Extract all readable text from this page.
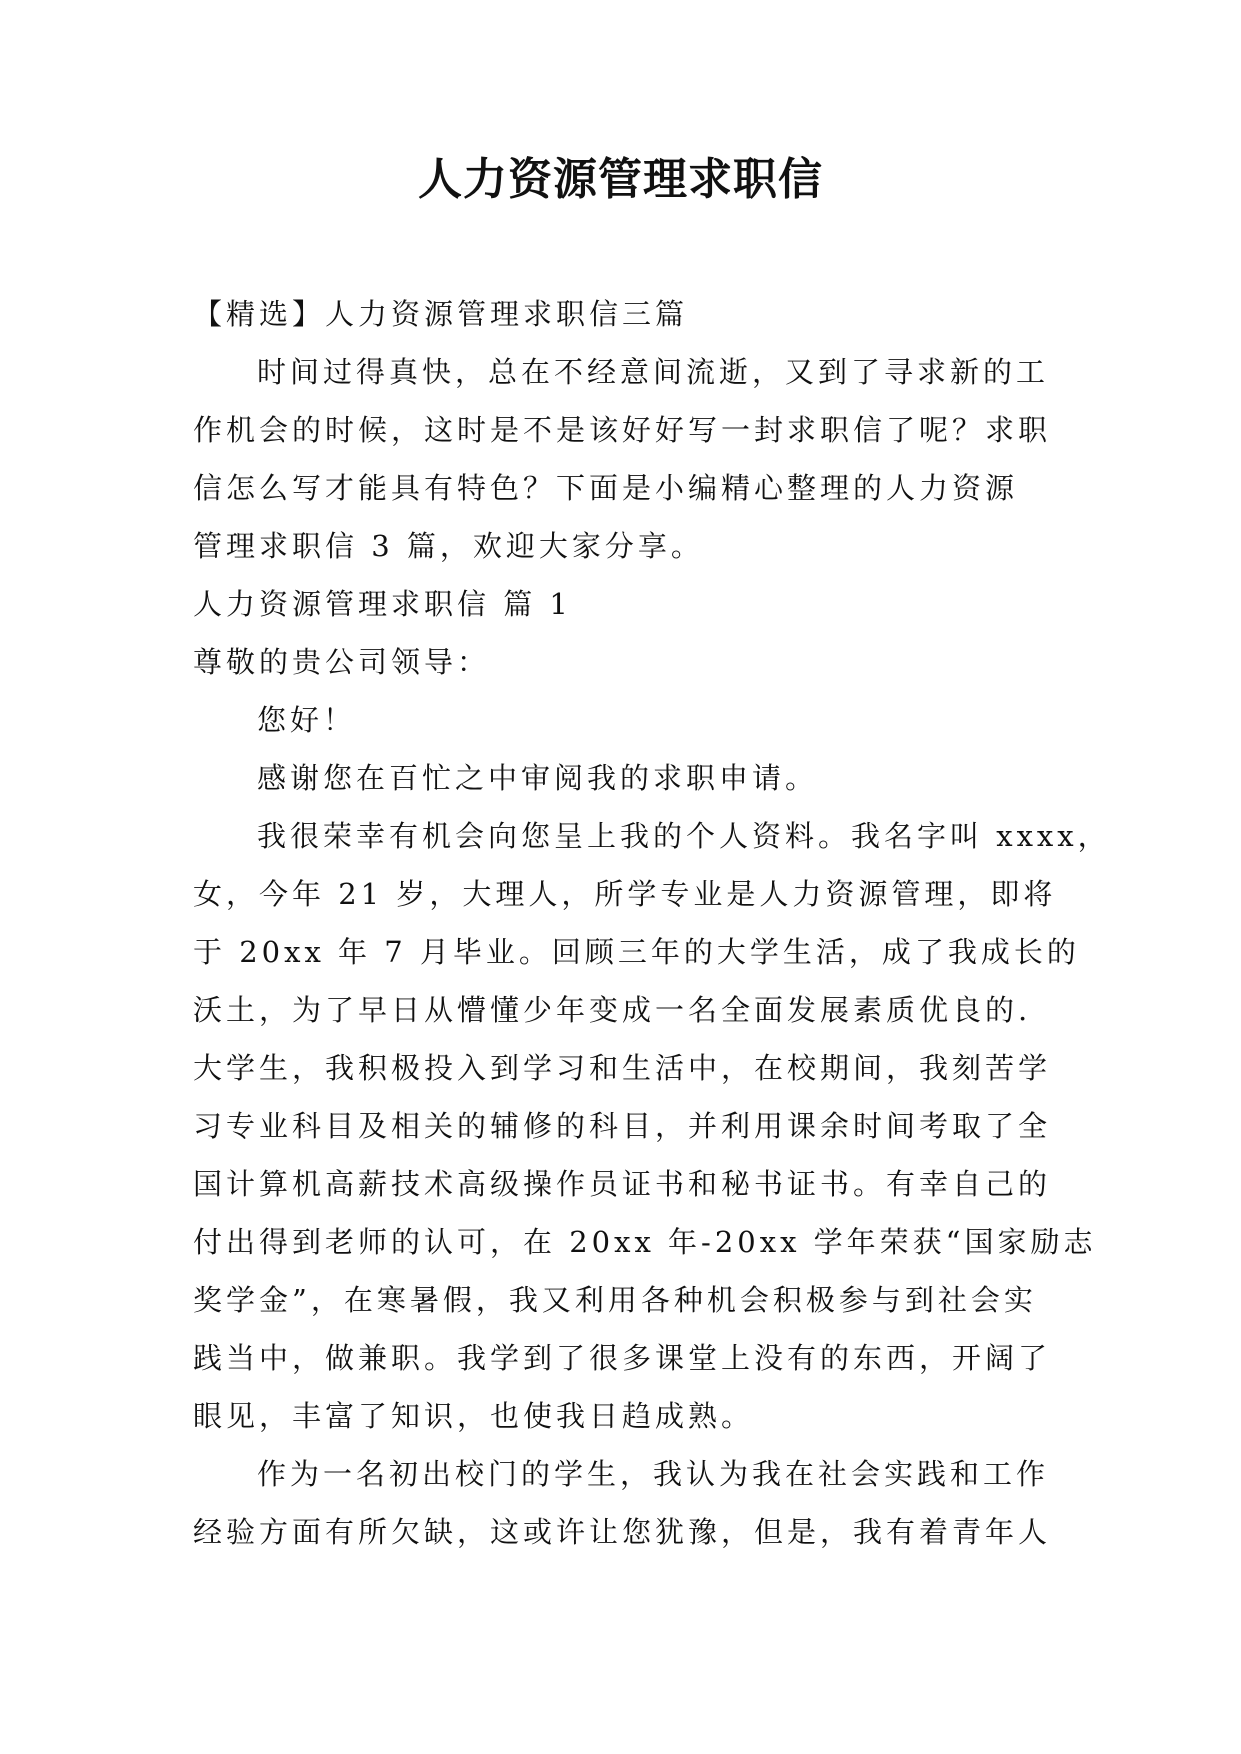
人力资源管理求职信
【精选】人力资源管理求职信三篇
时间过得真快，总在不经意间流逝，又到了寻求新的工
作机会的时候，这时是不是该好好写一封求职信了呢？求职
信怎么写才能具有特色？下面是小编精心整理的人力资源
管理求职信 3 篇，欢迎大家分享。
人力资源管理求职信 篇 1
尊敬的贵公司领导：
您好！
感谢您在百忙之中审阅我的求职申请。
我很荣幸有机会向您呈上我的个人资料。我名字叫 xxxx，
女，今年 21 岁，大理人，所学专业是人力资源管理，即将
于 20xx 年 7 月毕业。回顾三年的大学生活，成了我成长的
沃土，为了早日从懵懂少年变成一名全面发展素质优良的.
大学生，我积极投入到学习和生活中，在校期间，我刻苦学
习专业科目及相关的辅修的科目，并利用课余时间考取了全
国计算机高薪技术高级操作员证书和秘书证书。有幸自己的
付出得到老师的认可，在 20xx 年-20xx 学年荣获“国家励志
奖学金”，在寒暑假，我又利用各种机会积极参与到社会实
践当中，做兼职。我学到了很多课堂上没有的东西，开阔了
眼见，丰富了知识，也使我日趋成熟。
作为一名初出校门的学生，我认为我在社会实践和工作
经验方面有所欠缺，这或许让您犹豫，但是，我有着青年人
